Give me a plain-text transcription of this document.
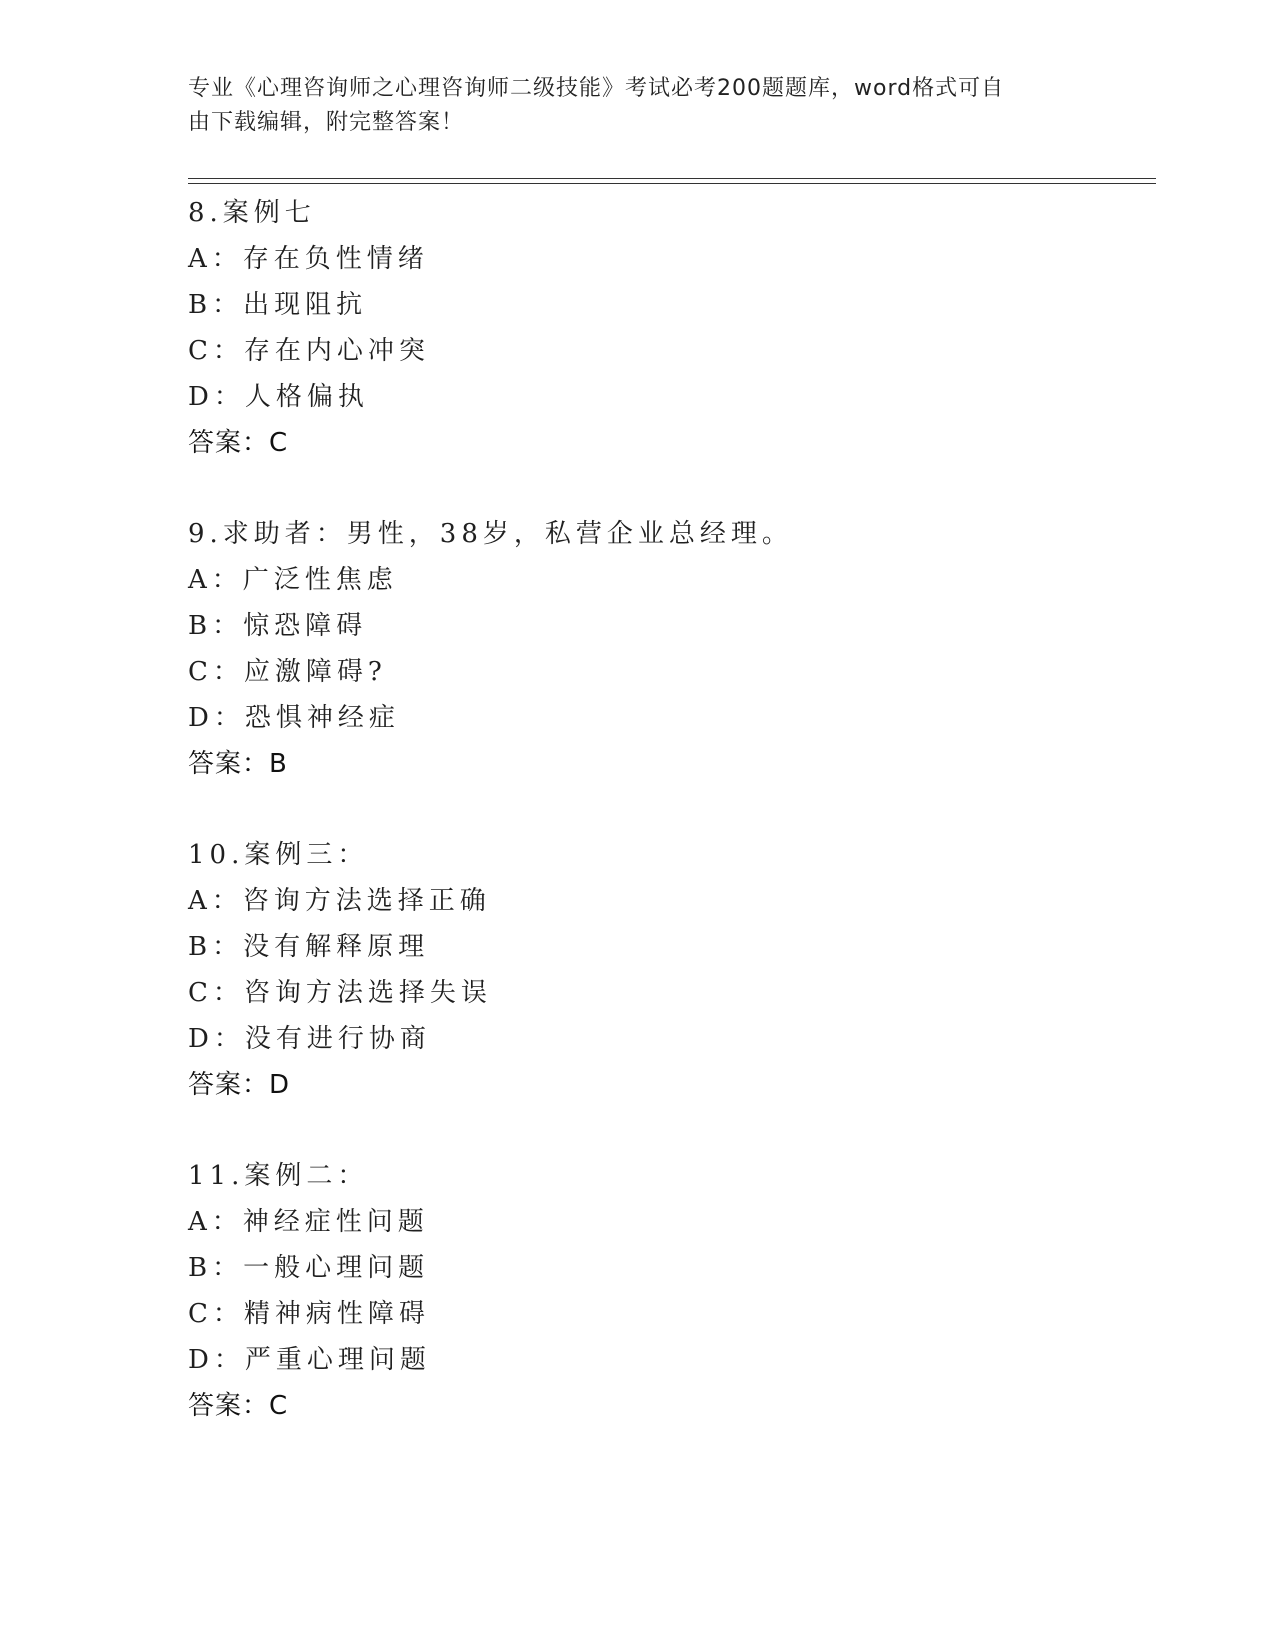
专业《心理咨询师之心理咨询师二级技能》考试必考200题题库，word格式可自
由下载编辑，附完整答案！
8.案例七
A：存在负性情绪
B：出现阻抗
C：存在内心冲突
D：人格偏执
答案：C
9.求助者：男性，38岁，私营企业总经理。
A：广泛性焦虑
B：惊恐障碍
C：应激障碍?
D：恐惧神经症
答案：B
10.案例三：
A：咨询方法选择正确
B：没有解释原理
C：咨询方法选择失误
D：没有进行协商
答案：D
11.案例二：
A：神经症性问题
B：一般心理问题
C：精神病性障碍
D：严重心理问题
答案：C
